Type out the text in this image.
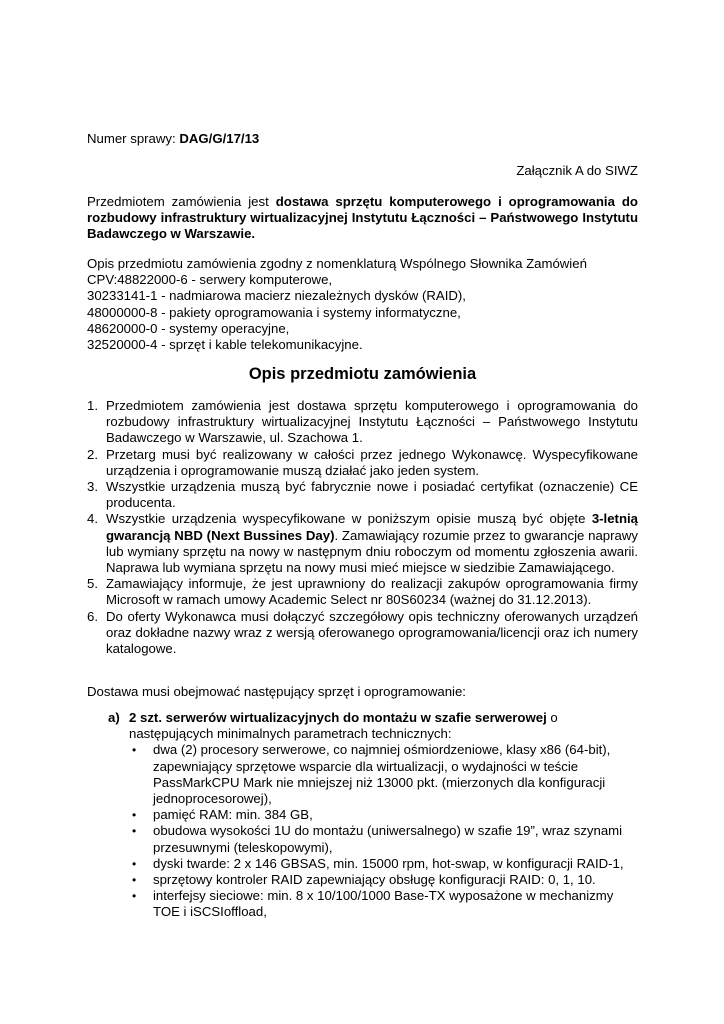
Numer sprawy: DAG/G/17/13

Załącznik A do SIWZ

Przedmiotem zamówienia jest dostawa sprzętu komputerowego i oprogramowania do rozbudowy infrastruktury wirtualizacyjnej Instytutu Łączności – Państwowego Instytutu Badawczego w Warszawie.

Opis przedmiotu zamówienia zgodny z nomenklaturą Wspólnego Słownika Zamówień

CPV:48822000-6 - serwery komputerowe,

30233141-1 - nadmiarowa macierz niezależnych dysków (RAID),

48000000-8 - pakiety oprogramowania i systemy informatyczne,

48620000-0 - systemy operacyjne,

32520000-4 - sprzęt i kable telekomunikacyjne.

Opis przedmiotu zamówienia
1. Przedmiotem zamówienia jest dostawa sprzętu komputerowego i oprogramowania do rozbudowy infrastruktury wirtualizacyjnej Instytutu Łączności – Państwowego Instytutu Badawczego w Warszawie, ul. Szachowa 1.
2. Przetarg musi być realizowany w całości przez jednego Wykonawcę. Wyspecyfikowane urządzenia i oprogramowanie muszą działać jako jeden system.
3. Wszystkie urządzenia muszą być fabrycznie nowe i posiadać certyfikat (oznaczenie) CE producenta.
4. Wszystkie urządzenia wyspecyfikowane w poniższym opisie muszą być objęte 3-letnią gwarancją NBD (Next Bussines Day). Zamawiający rozumie przez to gwarancje naprawy lub wymiany sprzętu na nowy w następnym dniu roboczym od momentu zgłoszenia awarii. Naprawa lub wymiana sprzętu na nowy musi mieć miejsce w siedzibie Zamawiającego.
5. Zamawiający informuje, że jest uprawniony do realizacji zakupów oprogramowania firmy Microsoft w ramach umowy Academic Select nr 80S60234 (ważnej do 31.12.2013).
6. Do oferty Wykonawca musi dołączyć szczegółowy opis techniczny oferowanych urządzeń oraz dokładne nazwy wraz z wersją oferowanego oprogramowania/licencji oraz ich numery katalogowe.

Dostawa musi obejmować następujący sprzęt i oprogramowanie:

a) 2 szt. serwerów wirtualizacyjnych do montażu w szafie serwerowej o następujących minimalnych parametrach technicznych:

• dwa (2) procesory serwerowe, co najmniej ośmiordzeniowe, klasy x86 (64-bit), zapewniający sprzętowe wsparcie dla wirtualizacji, o wydajności w teście PassMarkCPU Mark nie mniejszej niż 13000 pkt. (mierzonych dla konfiguracji jednoprocesorowej),
• pamięć RAM: min. 384 GB,
• obudowa wysokości 1U do montażu (uniwersalnego) w szafie 19”, wraz szynami przesuwnymi (teleskopowymi),
• dyski twarde: 2 x 146 GBSAS, min. 15000 rpm, hot-swap, w konfiguracji RAID-1,
• sprzętowy kontroler RAID zapewniający obsługę konfiguracji RAID: 0, 1, 10.
• interfejsy sieciowe: min. 8 x 10/100/1000 Base-TX wyposażone w mechanizmy TOE i iSCSIoffload,
